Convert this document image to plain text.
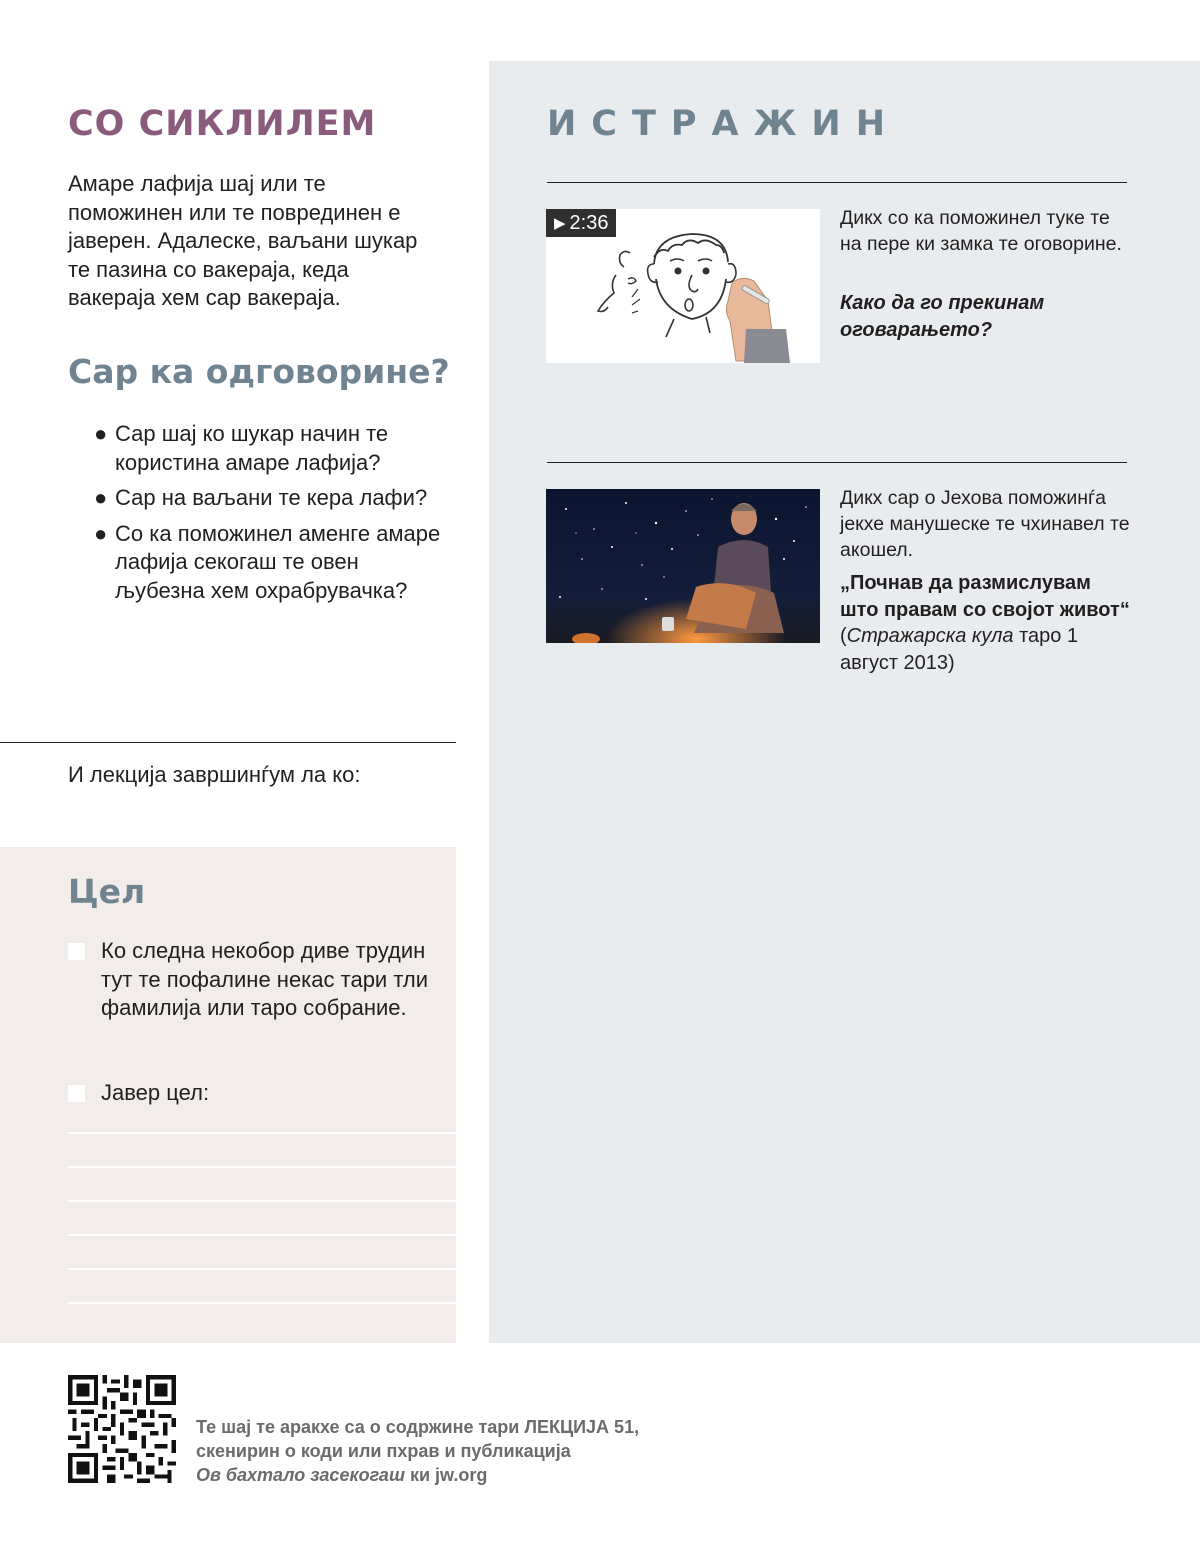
СО СИКЛИЛЕМ

Амаре лафија шај или те поможинен или те поврединен е јаверен. Адалеске, ваљани шукар те пазина со вакераја, кеда вакераја хем сар вакераја.

Сар ка одговорине?
● Сар шај ко шукар начин те користина амаре лафија?
● Сар на ваљани те кера лафи?
● Со ка поможинел аменге амаре лафија секогаш те овен љубезна хем охрабрувачка?

И лекција завршинѓум ла ко:

Цел
Ко следна некобор диве трудин тут те пофалине некас тари тли фамилија или таро собрание.
Јавер цел:
ИСТРАЖИН
▶ 2:36	Дикх со ка поможинел туке те на пере ки замка те оговорине.

Како да го прекинам оговарањето?

Дикх сар о Јехова поможинѓа јекхе манушеске те чхинавел те акошел.

„Почнав да размислувам што правам со својот живот“ (Стражарска кула таро 1 август 2013)

Те шај те аракхе са о содржине тари ЛЕКЦИЈА 51,
скенирин о коди или пхрав и публикација
Ов бахтало засекогаш ки jw.org
